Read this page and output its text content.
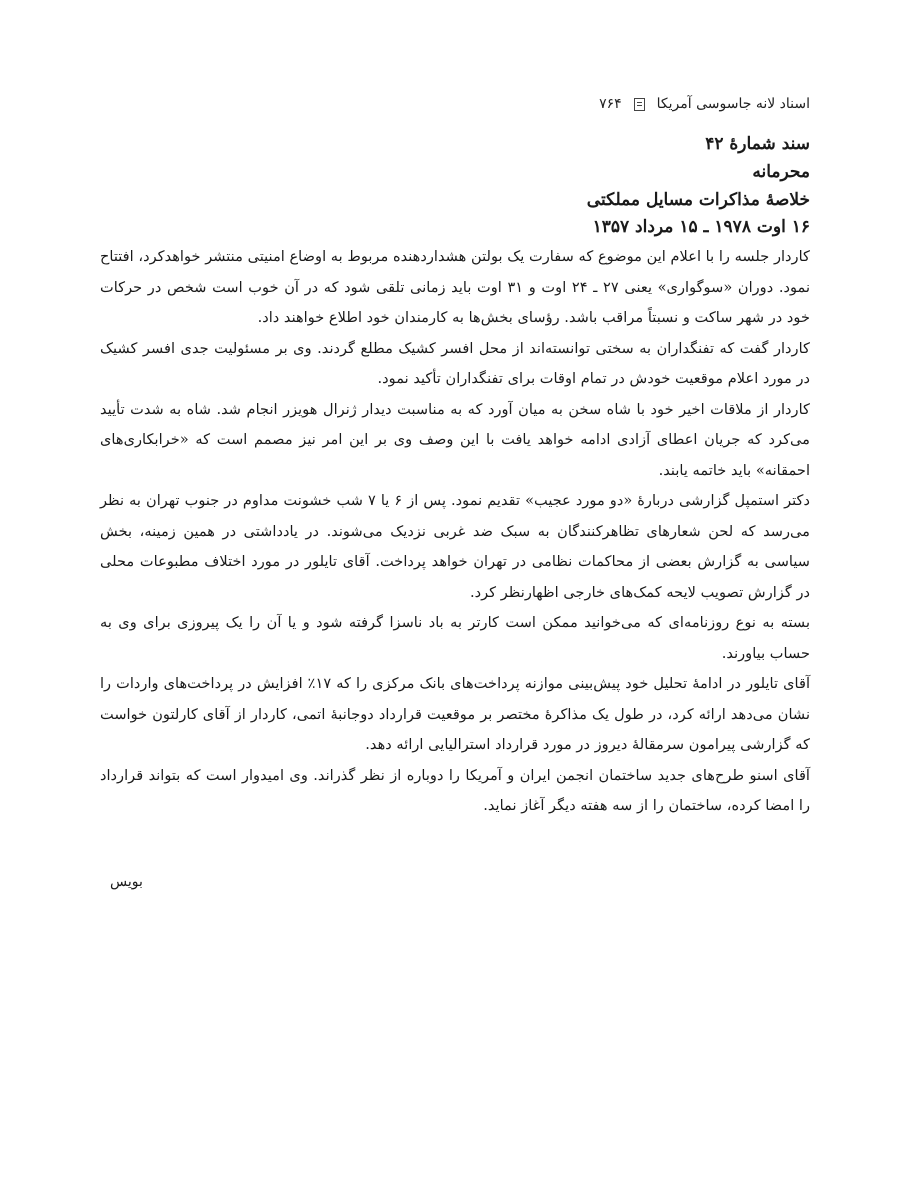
اسناد لانه جاسوسی آمریکا
۷۶۴
سند شمارۀ ۴۲
محرمانه
خلاصۀ مذاکرات مسایل مملکتی
۱۶ اوت ۱۹۷۸ ـ ۱۵ مرداد ۱۳۵۷

کاردار جلسه را با اعلام این موضوع که سفارت یک بولتن هشداردهنده مربوط به اوضاع امنیتی منتشر خواهدکرد، افتتاح نمود. دوران «سوگواری» یعنی ۲۷ ـ ۲۴ اوت و ۳۱ اوت باید زمانی تلقی شود که در آن خوب است شخص در حرکات خود در شهر ساکت و نسبتاً مراقب باشد. رؤسای بخش‌ها به کارمندان خود اطلاع خواهند داد.

کاردار گفت که تفنگداران به سختی توانسته‌اند از محل افسر کشیک مطلع گردند. وی بر مسئولیت جدی افسر کشیک در مورد اعلام موقعیت خودش در تمام اوقات برای تفنگداران تأکید نمود.

کاردار از ملاقات اخیر خود با شاه سخن به میان آورد که به مناسبت دیدار ژنرال هویزر انجام شد. شاه به شدت تأیید می‌کرد که جریان اعطای آزادی ادامه خواهد یافت با این وصف وی بر این امر نیز مصمم است که «خرابکاری‌های احمقانه» باید خاتمه یابند.

دکتر استمپل گزارشی دربارۀ «دو مورد عجیب» تقدیم نمود. پس از ۶ یا ۷ شب خشونت مداوم در جنوب تهران به نظر می‌رسد که لحن شعارهای تظاهرکنندگان به سبک ضد غربی نزدیک می‌شوند. در یادداشتی در همین زمینه، بخش سیاسی به گزارش بعضی از محاکمات نظامی در تهران خواهد پرداخت. آقای تایلور در مورد اختلاف مطبوعات محلی در گزارش تصویب لایحه کمک‌های خارجی اظهارنظر کرد.

بسته به نوع روزنامه‌ای که می‌خوانید ممکن است کارتر به باد ناسزا گرفته شود و یا آن را یک پیروزی برای وی به حساب بیاورند.

آقای تایلور در ادامۀ تحلیل خود پیش‌بینی موازنه پرداخت‌های بانک مرکزی را که ۱۷٪ افزایش در پرداخت‌های واردات را نشان می‌دهد ارائه کرد، در طول یک مذاکرۀ مختصر بر موقعیت قرارداد دوجانبۀ اتمی، کاردار از آقای کارلتون خواست که گزارشی پیرامون سرمقالۀ دیروز در مورد قرارداد استرالیایی ارائه دهد.

آقای اسنو طرح‌های جدید ساختمان انجمن ایران و آمریکا را دوباره از نظر گذراند. وی امیدوار است که بتواند قرارداد را امضا کرده، ساختمان را از سه هفته دیگر آغاز نماید.

بویس
